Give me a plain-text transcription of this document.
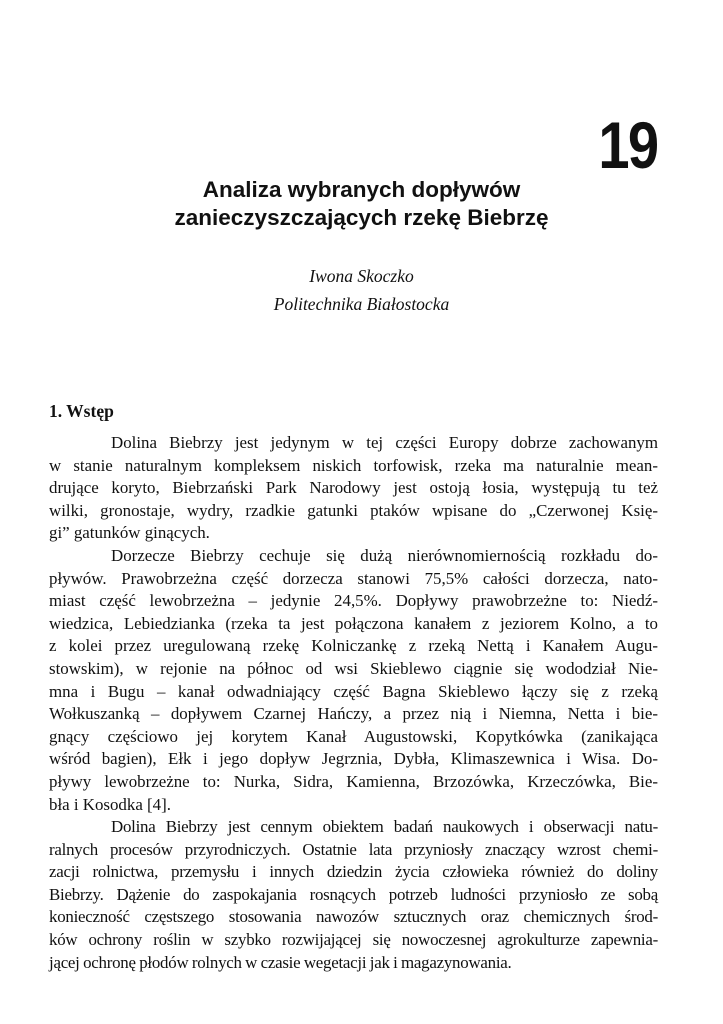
19
Analiza wybranych dopływów
zanieczyszczających rzekę Biebrzę
Iwona Skoczko
Politechnika Białostocka
1. Wstęp

Dolina Biebrzy jest jedynym w tej części Europy dobrze zachowanym
w stanie naturalnym kompleksem niskich torfowisk, rzeka ma naturalnie mean-
drujące koryto, Biebrzański Park Narodowy jest ostoją łosia, występują tu też
wilki, gronostaje, wydry, rzadkie gatunki ptaków wpisane do „Czerwonej Księ-
gi” gatunków ginących.

Dorzecze Biebrzy cechuje się dużą nierównomiernością rozkładu do-
pływów. Prawobrzeżna część dorzecza stanowi 75,5% całości dorzecza, nato-
miast część lewobrzeżna – jedynie 24,5%. Dopływy prawobrzeżne to: Niedź-
wiedzica, Lebiedzianka (rzeka ta jest połączona kanałem z jeziorem Kolno, a to
z kolei przez uregulowaną rzekę Kolniczankę z rzeką Nettą i Kanałem Augu-
stowskim), w rejonie na północ od wsi Skieblewo ciągnie się wododział Nie-
mna i Bugu – kanał odwadniający część Bagna Skieblewo łączy się z rzeką
Wołkuszanką – dopływem Czarnej Hańczy, a przez nią i Niemna, Netta i bie-
gnący częściowo jej korytem Kanał Augustowski, Kopytkówka (zanikająca
wśród bagien), Ełk i jego dopływ Jegrznia, Dybła, Klimaszewnica i Wisa. Do-
pływy lewobrzeżne to: Nurka, Sidra, Kamienna, Brzozówka, Krzeczówka, Bie-
bła i Kosodka [4].

Dolina Biebrzy jest cennym obiektem badań naukowych i obserwacji natu-
ralnych procesów przyrodniczych. Ostatnie lata przyniosły znaczący wzrost chemi-
zacji rolnictwa, przemysłu i innych dziedzin życia człowieka również do doliny
Biebrzy. Dążenie do zaspokajania rosnących potrzeb ludności przyniosło ze sobą
konieczność częstszego stosowania nawozów sztucznych oraz chemicznych środ-
ków ochrony roślin w szybko rozwijającej się nowoczesnej agrokulturze zapewnia-
jącej ochronę płodów rolnych w czasie wegetacji jak i magazynowania.
